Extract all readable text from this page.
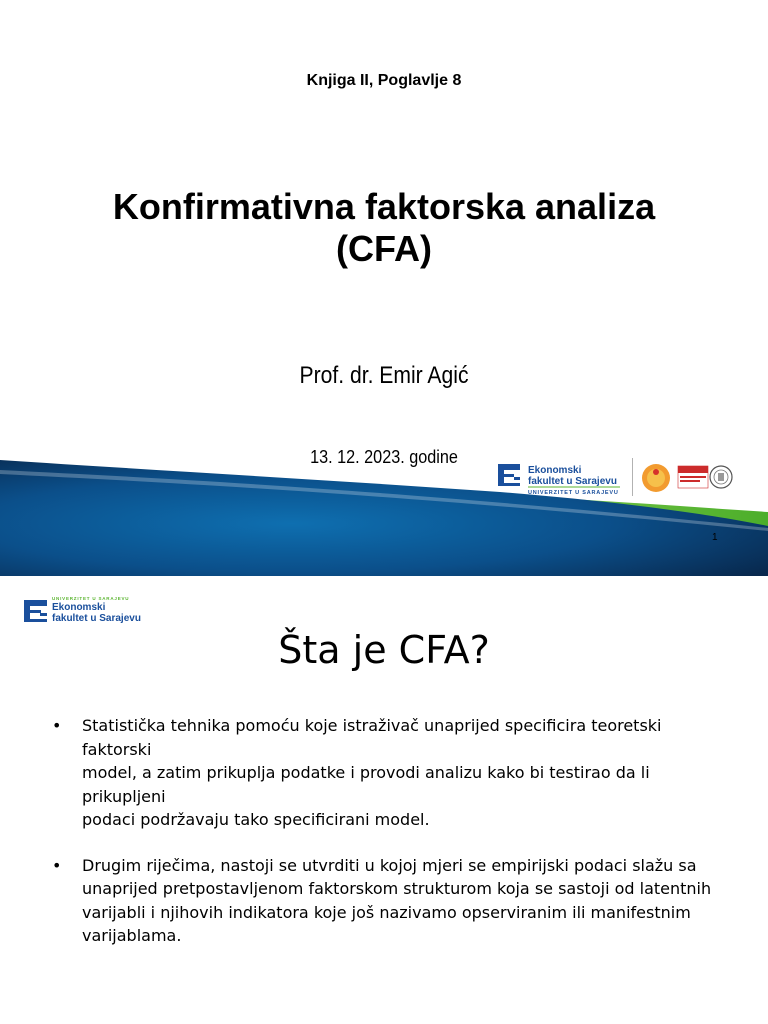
Knjiga II, Poglavlje 8
Konfirmativna faktorska analiza
(CFA)
Prof. dr. Emir Agić
13. 12. 2023. godine
Ekonomski
fakultet u Sarajevu
UNIVERZITET U SARAJEVU
1
UNIVERZITET U SARAJEVU
Ekonomski
fakultet u Sarajevu
Šta je CFA?
• Statistička tehnika pomoću koje istraživač unaprijed specificira teoretski faktorski
model, a zatim prikuplja podatke i provodi analizu kako bi testirao da li prikupljeni
podaci podržavaju tako specificirani model.
• Drugim riječima, nastoji se utvrditi u kojoj mjeri se empirijski podaci slažu sa
unaprijed pretpostavljenom faktorskom strukturom koja se sastoji od latentnih
varijabli i njihovih indikatora koje još nazivamo opserviranim ili manifestnim
varijablama.
